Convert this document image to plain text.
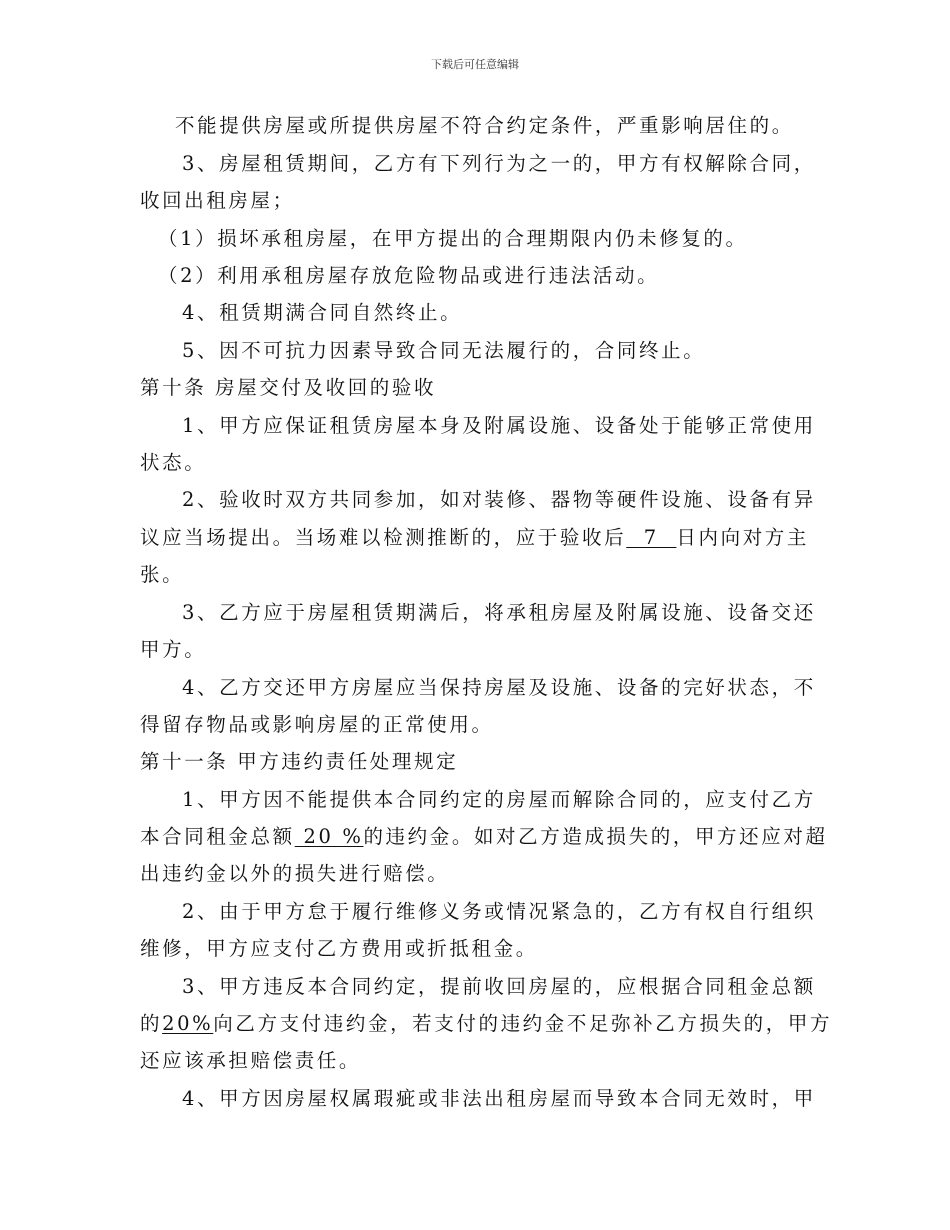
下载后可任意编辑
不能提供房屋或所提供房屋不符合约定条件，严重影响居住的。
3、房屋租赁期间，乙方有下列行为之一的，甲方有权解除合同，
收回出租房屋；
（1）损坏承租房屋，在甲方提出的合理期限内仍未修复的。
（2）利用承租房屋存放危险物品或进行违法活动。
4、租赁期满合同自然终止。
5、因不可抗力因素导致合同无法履行的，合同终止。
第十条 房屋交付及收回的验收
1、甲方应保证租赁房屋本身及附属设施、设备处于能够正常使用
状态。
2、验收时双方共同参加，如对装修、器物等硬件设施、设备有异
议应当场提出。当场难以检测推断的，应于验收后  7  日内向对方主
张。
3、乙方应于房屋租赁期满后，将承租房屋及附属设施、设备交还
甲方。
4、乙方交还甲方房屋应当保持房屋及设施、设备的完好状态，不
得留存物品或影响房屋的正常使用。
第十一条 甲方违约责任处理规定
1、甲方因不能提供本合同约定的房屋而解除合同的，应支付乙方
本合同租金总额 20 %的违约金。如对乙方造成损失的，甲方还应对超
出违约金以外的损失进行赔偿。
2、由于甲方怠于履行维修义务或情况紧急的，乙方有权自行组织
维修，甲方应支付乙方费用或折抵租金。
3、甲方违反本合同约定，提前收回房屋的，应根据合同租金总额
的20%向乙方支付违约金，若支付的违约金不足弥补乙方损失的，甲方
还应该承担赔偿责任。
4、甲方因房屋权属瑕疵或非法出租房屋而导致本合同无效时，甲
